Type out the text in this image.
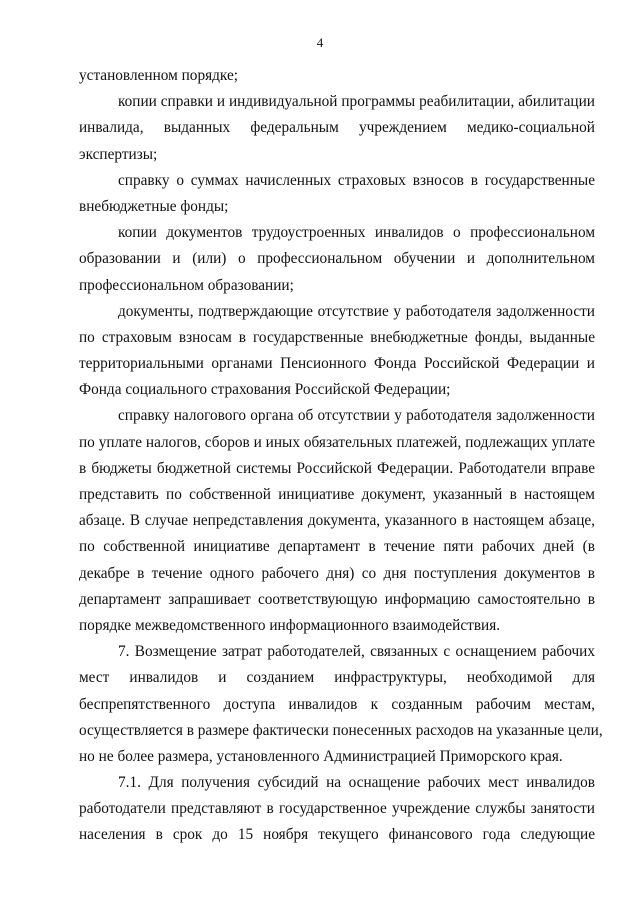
4
установленном порядке;
копии справки и индивидуальной программы реабилитации, абилитации
инвалида, выданных федеральным учреждением медико-социальной
экспертизы;
справку о суммах начисленных страховых взносов в государственные
внебюджетные фонды;
копии документов трудоустроенных инвалидов о профессиональном
образовании и (или) о профессиональном обучении и дополнительном
профессиональном образовании;
документы, подтверждающие отсутствие у работодателя задолженности
по страховым взносам в государственные внебюджетные фонды, выданные
территориальными органами Пенсионного Фонда Российской Федерации и
Фонда социального страхования Российской Федерации;
справку налогового органа об отсутствии у работодателя задолженности
по уплате налогов, сборов и иных обязательных платежей, подлежащих уплате
в бюджеты бюджетной системы Российской Федерации. Работодатели вправе
представить по собственной инициативе документ, указанный в настоящем
абзаце. В случае непредставления документа, указанного в настоящем абзаце,
по собственной инициативе департамент в течение пяти рабочих дней (в
декабре в течение одного рабочего дня) со дня поступления документов в
департамент запрашивает соответствующую информацию самостоятельно в
порядке межведомственного информационного взаимодействия.
7. Возмещение затрат работодателей, связанных с оснащением рабочих
мест инвалидов и созданием инфраструктуры, необходимой для
беспрепятственного доступа инвалидов к созданным рабочим местам,
осуществляется в размере фактически понесенных расходов на указанные цели,
но не более размера, установленного Администрацией Приморского края.
7.1. Для получения субсидий на оснащение рабочих мест инвалидов
работодатели представляют в государственное учреждение службы занятости
населения в срок до 15 ноября текущего финансового года следующие
